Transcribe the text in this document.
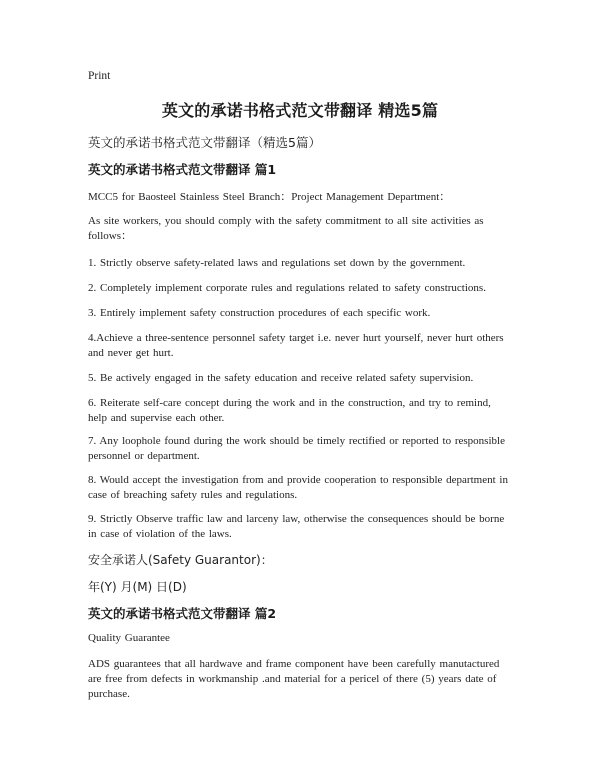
Print
英文的承诺书格式范文带翻译 精选5篇
英文的承诺书格式范文带翻译（精选5篇）
英文的承诺书格式范文带翻译 篇1
MCC5 for Baosteel Stainless Steel Branch：Project Management Department：
As site workers, you should comply with the safety commitment to all site activities as follows：
1. Strictly observe safety-related laws and regulations set down by the government.
2. Completely implement corporate rules and regulations related to safety constructions.
3. Entirely implement safety construction procedures of each specific work.
4.Achieve a three-sentence personnel safety target i.e. never hurt yourself, never hurt others and never get hurt.
5. Be actively engaged in the safety education and receive related safety supervision.
6. Reiterate self-care concept during the work and in the construction, and try to remind, help and supervise each other.
7. Any loophole found during the work should be timely rectified or reported to responsible personnel or department.
8. Would accept the investigation from and provide cooperation to responsible department in case of breaching safety rules and regulations.
9. Strictly Observe traffic law and larceny law, otherwise the consequences should be borne in case of violation of the laws.
安全承诺人(Safety Guarantor)：
年(Y) 月(M) 日(D)
英文的承诺书格式范文带翻译 篇2
Quality Guarantee
ADS guarantees that all hardwave and frame component have been carefully manutactured are free from defects in workmanship .and material for a pericel of there (5) years date of purchase.
